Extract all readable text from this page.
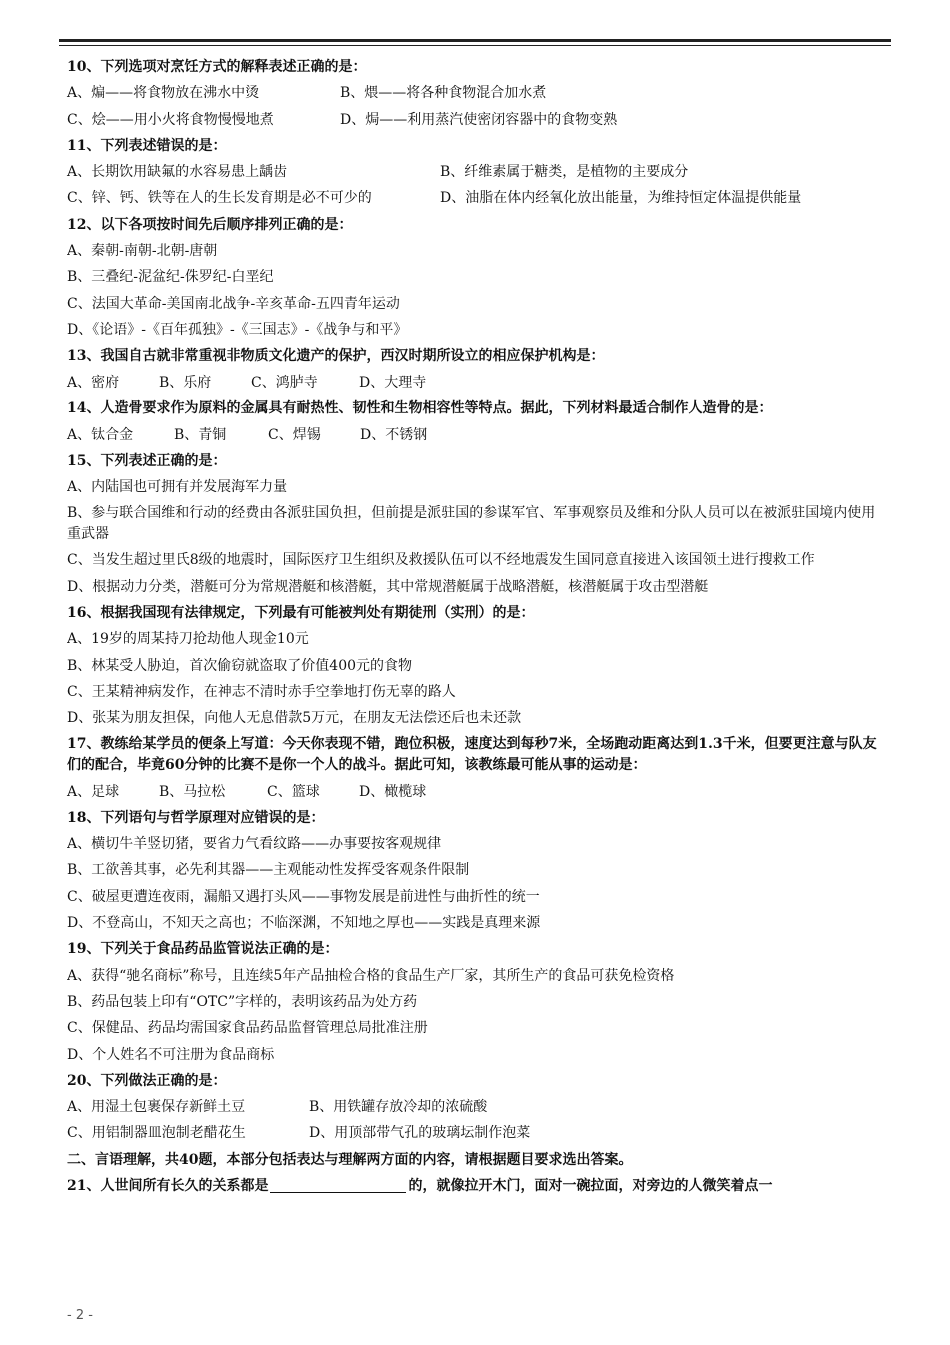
10、下列选项对烹饪方式的解释表述正确的是：
A、煸——将食物放在沸水中烫	B、煨——将各种食物混合加水煮
C、烩——用小火将食物慢慢地煮	D、焗——利用蒸汽使密闭容器中的食物变熟
11、下列表述错误的是：
A、长期饮用缺氟的水容易患上龋齿	B、纤维素属于糖类，是植物的主要成分
C、锌、钙、铁等在人的生长发育期是必不可少的	D、油脂在体内经氧化放出能量，为维持恒定体温提供能量
12、以下各项按时间先后顺序排列正确的是：
A、秦朝-南朝-北朝-唐朝
B、三叠纪-泥盆纪-侏罗纪-白垩纪
C、法国大革命-美国南北战争-辛亥革命-五四青年运动
D、《论语》-《百年孤独》-《三国志》-《战争与和平》
13、我国自古就非常重视非物质文化遗产的保护，西汉时期所设立的相应保护机构是：
A、密府	B、乐府	C、鸿胪寺	D、大理寺
14、人造骨要求作为原料的金属具有耐热性、韧性和生物相容性等特点。据此，下列材料最适合制作人造骨的是：
A、钛合金	B、青铜	C、焊锡	D、不锈钢
15、下列表述正确的是：
A、内陆国也可拥有并发展海军力量
B、参与联合国维和行动的经费由各派驻国负担，但前提是派驻国的参谋军官、军事观察员及维和分队人员可以在被派驻国境内使用重武器
C、当发生超过里氏8级的地震时，国际医疗卫生组织及救援队伍可以不经地震发生国同意直接进入该国领土进行搜救工作
D、根据动力分类，潜艇可分为常规潜艇和核潜艇，其中常规潜艇属于战略潜艇，核潜艇属于攻击型潜艇
16、根据我国现有法律规定，下列最有可能被判处有期徒刑（实刑）的是：
A、19岁的周某持刀抢劫他人现金10元
B、林某受人胁迫，首次偷窃就盗取了价值400元的食物
C、王某精神病发作，在神志不清时赤手空拳地打伤无辜的路人
D、张某为朋友担保，向他人无息借款5万元，在朋友无法偿还后也未还款
17、教练给某学员的便条上写道：今天你表现不错，跑位积极，速度达到每秒7米，全场跑动距离达到1.3千米，但要更注意与队友们的配合，毕竟60分钟的比赛不是你一个人的战斗。据此可知，该教练最可能从事的运动是：
A、足球	B、马拉松	C、篮球	D、橄榄球
18、下列语句与哲学原理对应错误的是：
A、横切牛羊竖切猪，要省力气看纹路——办事要按客观规律
B、工欲善其事，必先利其器——主观能动性发挥受客观条件限制
C、破屋更遭连夜雨，漏船又遇打头风——事物发展是前进性与曲折性的统一
D、不登高山，不知天之高也；不临深渊，不知地之厚也——实践是真理来源
19、下列关于食品药品监管说法正确的是：
A、获得“驰名商标”称号，且连续5年产品抽检合格的食品生产厂家，其所生产的食品可获免检资格
B、药品包装上印有“OTC”字样的，表明该药品为处方药
C、保健品、药品均需国家食品药品监督管理总局批准注册
D、个人姓名不可注册为食品商标
20、下列做法正确的是：
A、用湿土包裹保存新鲜土豆	B、用铁罐存放冷却的浓硫酸
C、用铝制器皿泡制老醋花生	D、用顶部带气孔的玻璃坛制作泡菜
二、言语理解，共40题，本部分包括表达与理解两方面的内容，请根据题目要求选出答案。
21、人世间所有长久的关系都是	的，就像拉开木门，面对一碗拉面，对旁边的人微笑着点一
- 2 -
